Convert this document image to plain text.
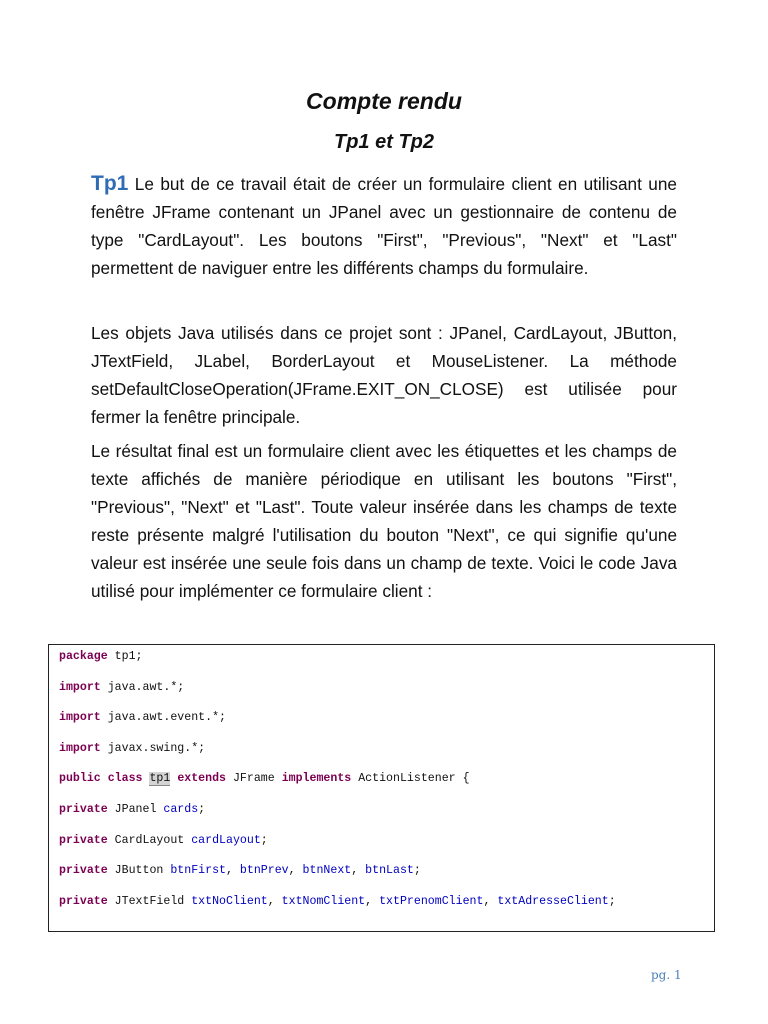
Compte rendu
Tp1 et Tp2
Tp1 Le but de ce travail était de créer un formulaire client en utilisant une fenêtre JFrame contenant un JPanel avec un gestionnaire de contenu de type "CardLayout". Les boutons "First", "Previous", "Next" et "Last" permettent de naviguer entre les différents champs du formulaire.
Les objets Java utilisés dans ce projet sont : JPanel, CardLayout, JButton, JTextField, JLabel, BorderLayout et MouseListener. La méthode setDefaultCloseOperation(JFrame.EXIT_ON_CLOSE) est utilisée pour fermer la fenêtre principale.
Le résultat final est un formulaire client avec les étiquettes et les champs de texte affichés de manière périodique en utilisant les boutons "First", "Previous", "Next" et "Last". Toute valeur insérée dans les champs de texte reste présente malgré l'utilisation du bouton "Next", ce qui signifie qu'une valeur est insérée une seule fois dans un champ de texte. Voici le code Java utilisé pour implémenter ce formulaire client :
package tp1;
import java.awt.*;
import java.awt.event.*;
import javax.swing.*;
public class tp1 extends JFrame implements ActionListener {
private JPanel cards;
private CardLayout cardLayout;
private JButton btnFirst, btnPrev, btnNext, btnLast;
private JTextField txtNoClient, txtNomClient, txtPrenomClient, txtAdresseClient;
pg. 1
